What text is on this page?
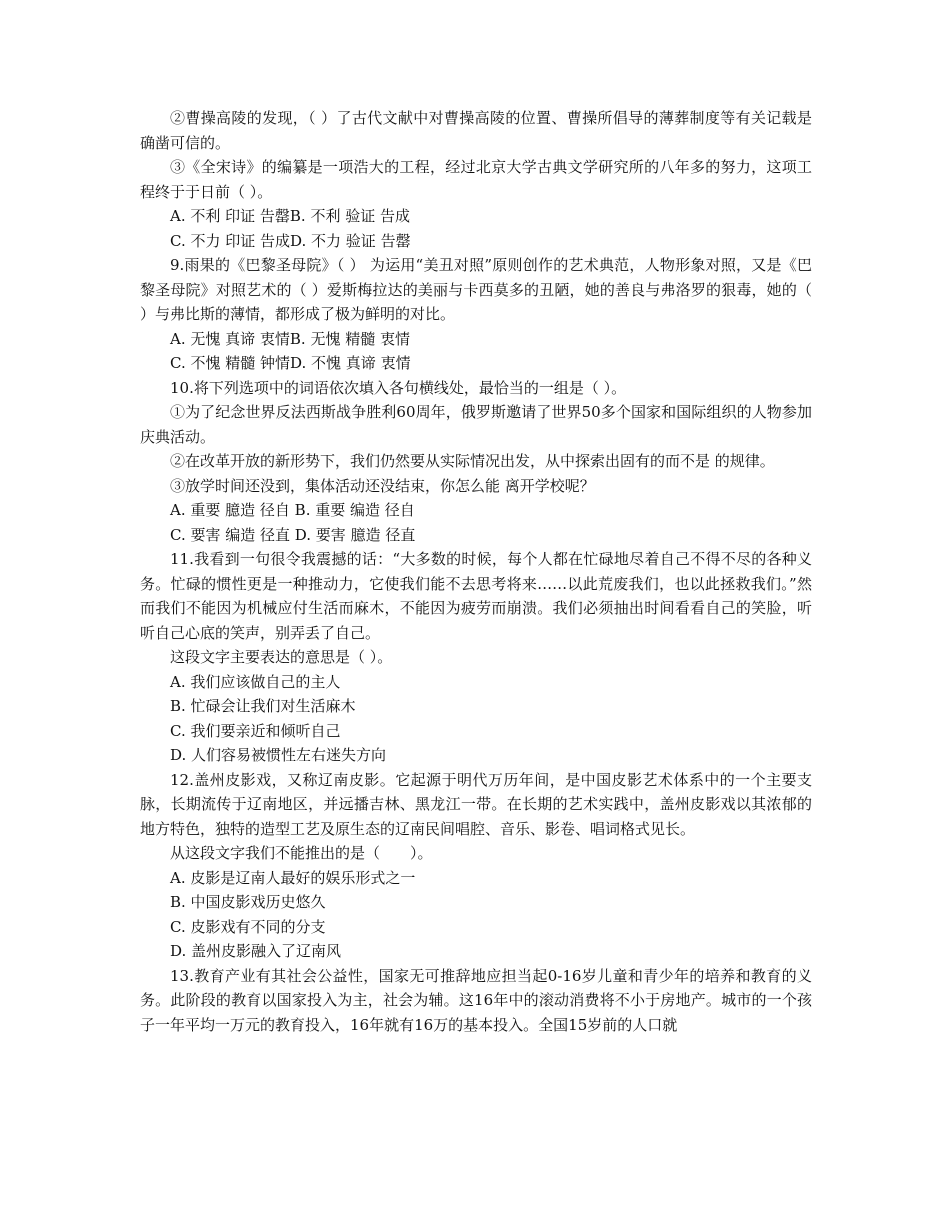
②曹操高陵的发现，（ ）了古代文献中对曹操高陵的位置、曹操所倡导的薄葬制度等有关记载是确凿可信的。

③《全宋诗》的编纂是一项浩大的工程，经过北京大学古典文学研究所的八年多的努力，这项工程终于于日前（ ）。

A. 不利 印证 告罄B. 不利 验证 告成

C. 不力 印证 告成D. 不力 验证 告罄

9.雨果的《巴黎圣母院》（ ） 为运用“美丑对照”原则创作的艺术典范，人物形象对照，又是《巴黎圣母院》对照艺术的（ ）爱斯梅拉达的美丽与卡西莫多的丑陋，她的善良与弗洛罗的狠毒，她的（ ）与弗比斯的薄情，都形成了极为鲜明的对比。

A. 无愧 真谛 衷情B. 无愧 精髓 衷情

C. 不愧 精髓 钟情D. 不愧 真谛 衷情

10.将下列选项中的词语依次填入各句横线处，最恰当的一组是（ ）。

①为了纪念世界反法西斯战争胜利60周年，俄罗斯邀请了世界50多个国家和国际组织的人物参加庆典活动。

②在改革开放的新形势下，我们仍然要从实际情况出发，从中探索出固有的而不是 的规律。

③放学时间还没到，集体活动还没结束，你怎么能 离开学校呢？

A. 重要 臆造 径自 B. 重要 编造 径自

C. 要害 编造 径直 D. 要害 臆造 径直

11.我看到一句很令我震撼的话：“大多数的时候，每个人都在忙碌地尽着自己不得不尽的各种义务。忙碌的惯性更是一种推动力，它使我们能不去思考将来……以此荒废我们，也以此拯救我们。”然而我们不能因为机械应付生活而麻木，不能因为疲劳而崩溃。我们必须抽出时间看看自己的笑脸，听听自己心底的笑声，别弄丢了自己。

这段文字主要表达的意思是（ ）。

A. 我们应该做自己的主人

B. 忙碌会让我们对生活麻木

C. 我们要亲近和倾听自己

D. 人们容易被惯性左右迷失方向

12.盖州皮影戏，又称辽南皮影。它起源于明代万历年间，是中国皮影艺术体系中的一个主要支脉，长期流传于辽南地区，并远播吉林、黑龙江一带。在长期的艺术实践中，盖州皮影戏以其浓郁的地方特色，独特的造型工艺及原生态的辽南民间唱腔、音乐、影卷、唱词格式见长。

从这段文字我们不能推出的是（　　）。

A. 皮影是辽南人最好的娱乐形式之一

B. 中国皮影戏历史悠久

C. 皮影戏有不同的分支

D. 盖州皮影融入了辽南风

13.教育产业有其社会公益性，国家无可推辞地应担当起0-16岁儿童和青少年的培养和教育的义务。此阶段的教育以国家投入为主，社会为辅。这16年中的滚动消费将不小于房地产。城市的一个孩子一年平均一万元的教育投入，16年就有16万的基本投入。全国15岁前的人口就
